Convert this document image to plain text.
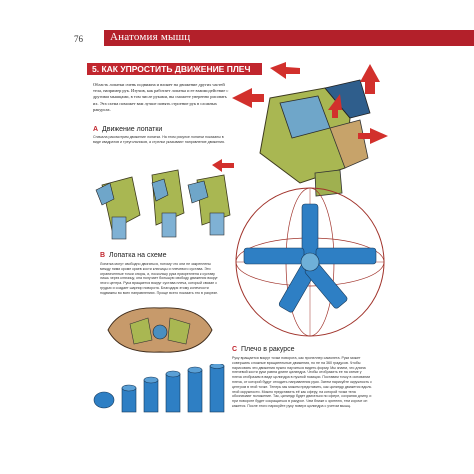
76 Анатомия мышц
5. КАК УПРОСТИТЬ ДВИЖЕНИЕ ПЛЕЧ
Область лопатки очень подвижна и влияет на движение других частей тела, например рук. Изучив, как работает лопатка и ее взаимодействие с другими мышцами, в том числе руками, вы сможете уверенно рисовать их. Эта схема поможет вам лучше понять строение рук в сложных ракурсах.
A Движение лопатки
Сначала рассмотрим движение лопатки. На этом рисунке лопатки показаны в виде квадратов и треугольников, а стрелки указывают направление движения.
B Лопатка на схеме
Лопатка могут свободно двигаться, потому что они не закреплены между ними кроме краев кости ключицы и плечевого сустава. Эти ограниченные точки опоры, и, поскольку рука прикреплена к суставу лишь через ключицу, она получает большую свободу движения вокруг этого центра. Рука вращается вокруг сустава плеча, который связан с грудью и создает шарнир поворота. Благодаря этому конечности подвижны во всех направлениях. Проще всего показать это в разрезе.
C Плечо в ракурсе
Руку вращается вокруг точки поворота, как пропеллер самолета. Руки может совершать сложные вращательные движения, но не на 360 градусов. Чтобы нарисовать эти движения нужно научиться видеть форму. Мы знаем, что длина плечевой кости руки равна длине цилиндра. Чтобы отобразить ее на схеме у плеча отобразим в виде цилиндра в нужной позиции. Поставим точку в основании плеча, от которой будут отходить направления руки. Затем нарисуйте окружность с центром в этой точке. Теперь мы можем представить, как цилиндр движется вдоль этой окружности. Можно представить её как сферу, на которой точки тела обозначают положение. Так, цилиндр будет двигаться по сфере, сохраняя длину, и при повороте будет сокращаться в ракурсе. Чем ближе к зрителю, тем короче он кажется. После этого нарисуйте руку поверх цилиндра с учетом мышц.
